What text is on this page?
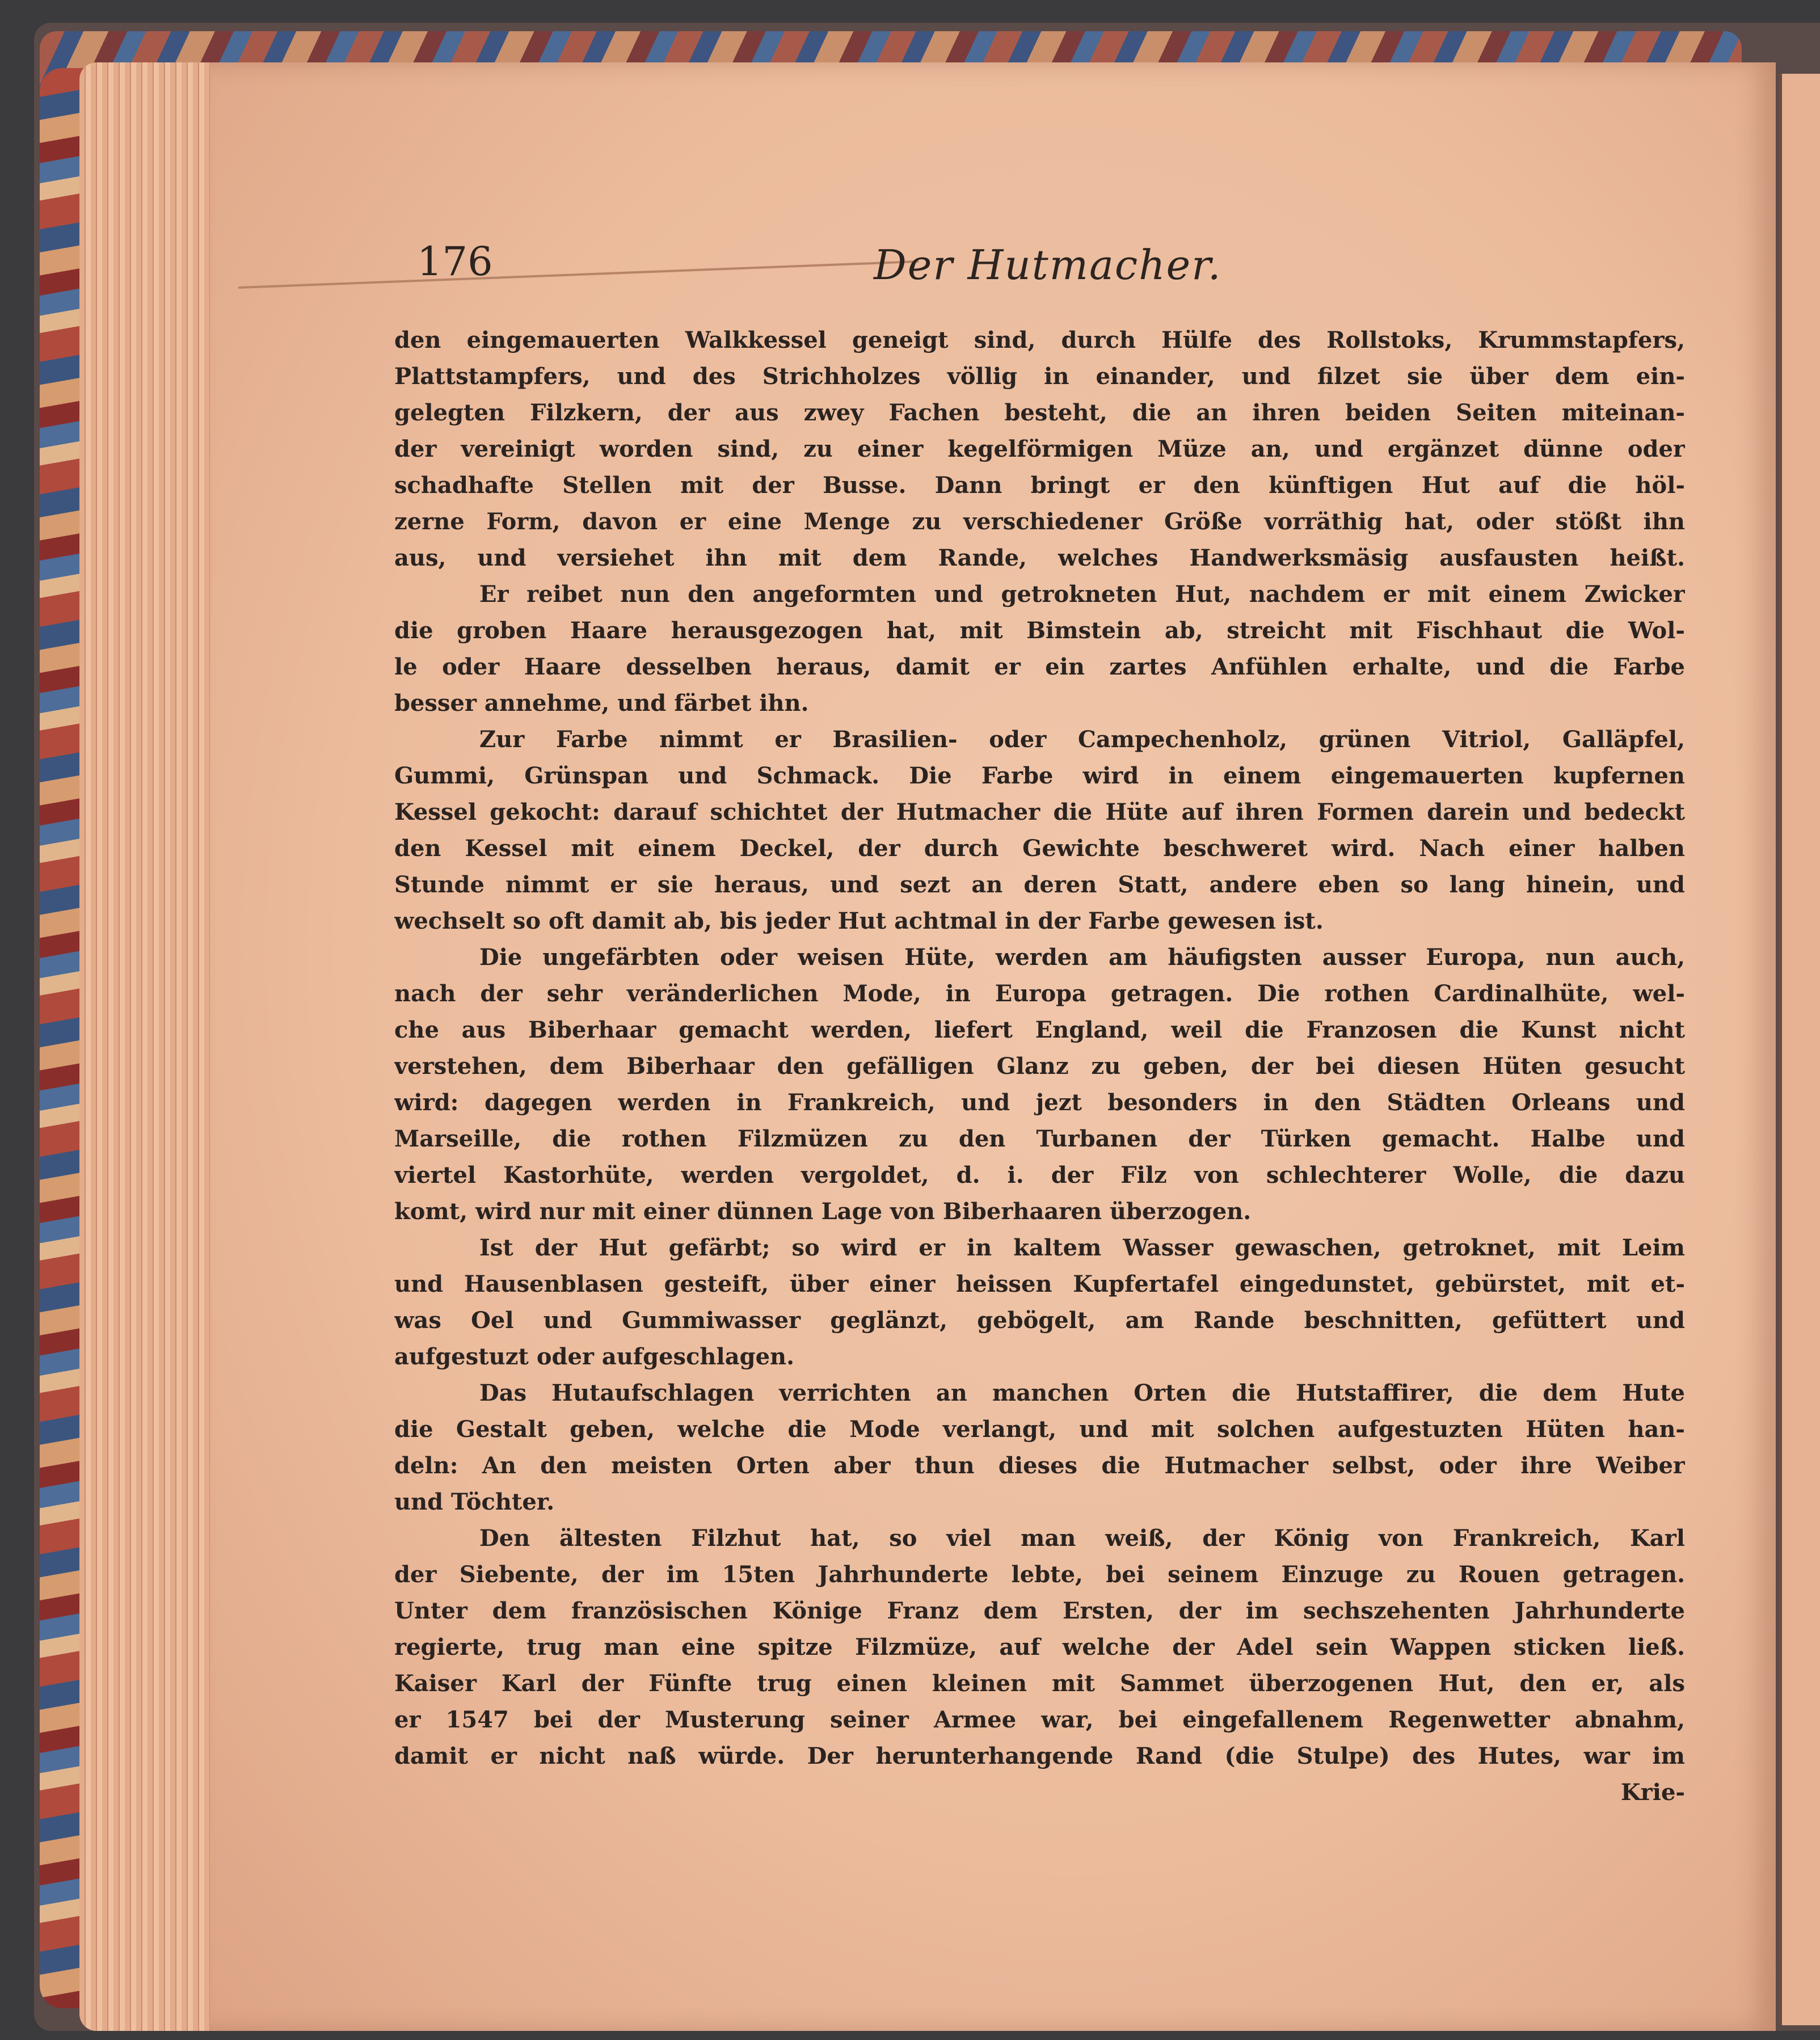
176	Der Hutmacher.
den eingemauerten Walkkessel geneigt sind, durch Hülfe des Rollstoks, Krummstapfers,
Plattstampfers, und des Strichholzes völlig in einander, und filzet sie über dem ein-
gelegten Filzkern, der aus zwey Fachen besteht, die an ihren beiden Seiten miteinan-
der vereinigt worden sind, zu einer kegelförmigen Müze an, und ergänzet dünne oder
schadhafte Stellen mit der Busse. Dann bringt er den künftigen Hut auf die höl-
zerne Form, davon er eine Menge zu verschiedener Größe vorräthig hat, oder stößt ihn
aus, und versiehet ihn mit dem Rande, welches Handwerksmäsig ausfausten heißt.
Er reibet nun den angeformten und getrokneten Hut, nachdem er mit einem Zwicker
die groben Haare herausgezogen hat, mit Bimstein ab, streicht mit Fischhaut die Wol-
le oder Haare desselben heraus, damit er ein zartes Anfühlen erhalte, und die Farbe
besser annehme, und färbet ihn.
Zur Farbe nimmt er Brasilien- oder Campechenholz, grünen Vitriol, Galläpfel,
Gummi, Grünspan und Schmack. Die Farbe wird in einem eingemauerten kupfernen
Kessel gekocht: darauf schichtet der Hutmacher die Hüte auf ihren Formen darein und bedeckt
den Kessel mit einem Deckel, der durch Gewichte beschweret wird. Nach einer halben
Stunde nimmt er sie heraus, und sezt an deren Statt, andere eben so lang hinein, und
wechselt so oft damit ab, bis jeder Hut achtmal in der Farbe gewesen ist.
Die ungefärbten oder weisen Hüte, werden am häufigsten ausser Europa, nun auch,
nach der sehr veränderlichen Mode, in Europa getragen. Die rothen Cardinalhüte, wel-
che aus Biberhaar gemacht werden, liefert England, weil die Franzosen die Kunst nicht
verstehen, dem Biberhaar den gefälligen Glanz zu geben, der bei diesen Hüten gesucht
wird: dagegen werden in Frankreich, und jezt besonders in den Städten Orleans und
Marseille, die rothen Filzmüzen zu den Turbanen der Türken gemacht. Halbe und
viertel Kastorhüte, werden vergoldet, d. i. der Filz von schlechterer Wolle, die dazu
komt, wird nur mit einer dünnen Lage von Biberhaaren überzogen.
Ist der Hut gefärbt; so wird er in kaltem Wasser gewaschen, getroknet, mit Leim
und Hausenblasen gesteift, über einer heissen Kupfertafel eingedunstet, gebürstet, mit et-
was Oel und Gummiwasser geglänzt, gebögelt, am Rande beschnitten, gefüttert und
aufgestuzt oder aufgeschlagen.
Das Hutaufschlagen verrichten an manchen Orten die Hutstaffirer, die dem Hute
die Gestalt geben, welche die Mode verlangt, und mit solchen aufgestuzten Hüten han-
deln: An den meisten Orten aber thun dieses die Hutmacher selbst, oder ihre Weiber
und Töchter.
Den ältesten Filzhut hat, so viel man weiß, der König von Frankreich, Karl
der Siebente, der im 15ten Jahrhunderte lebte, bei seinem Einzuge zu Rouen getragen.
Unter dem französischen Könige Franz dem Ersten, der im sechszehenten Jahrhunderte
regierte, trug man eine spitze Filzmüze, auf welche der Adel sein Wappen sticken ließ.
Kaiser Karl der Fünfte trug einen kleinen mit Sammet überzogenen Hut, den er, als
er 1547 bei der Musterung seiner Armee war, bei eingefallenem Regenwetter abnahm,
damit er nicht naß würde. Der herunterhangende Rand (die Stulpe) des Hutes, war im
Krie-
